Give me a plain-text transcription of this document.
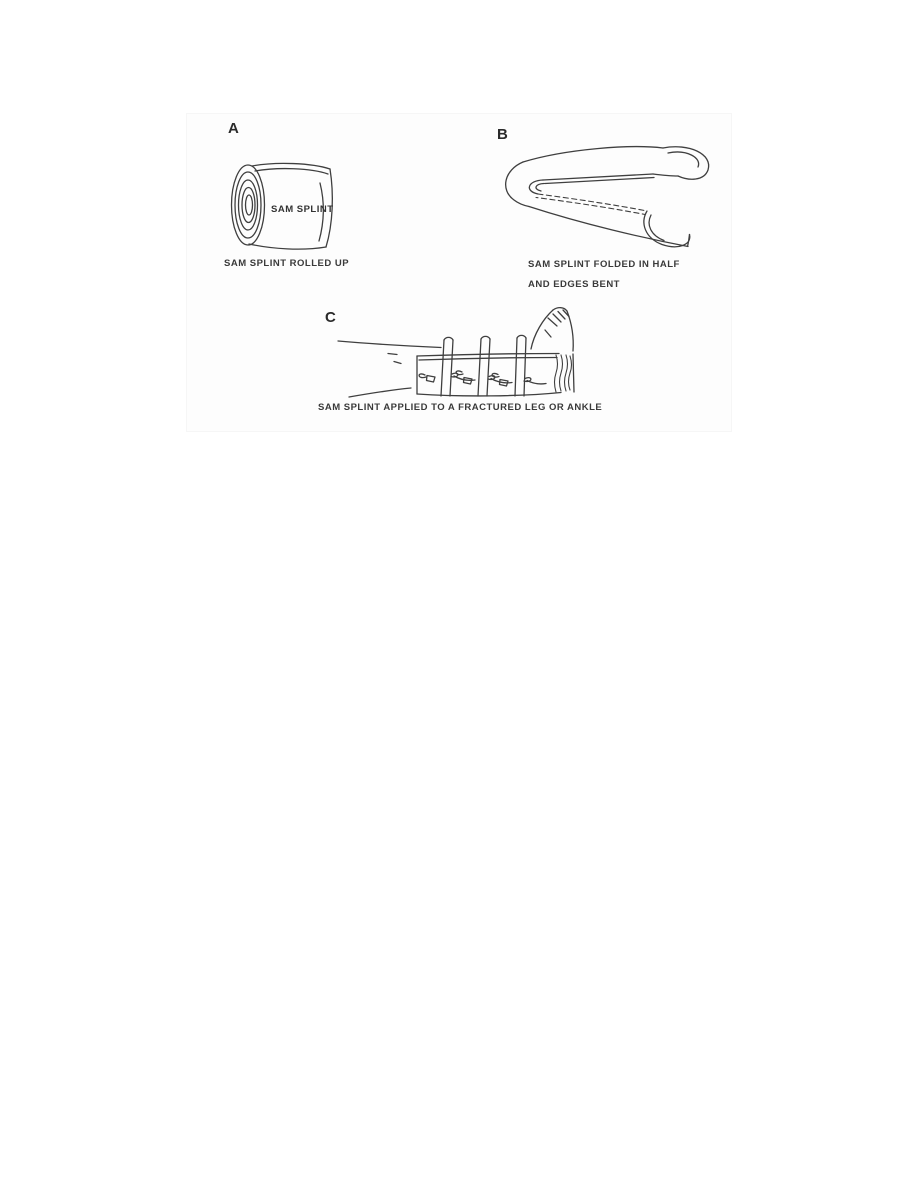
A
SAM SPLINT
SAM SPLINT ROLLED UP
B
SAM SPLINT FOLDED IN HALF
AND EDGES BENT
C
SAM SPLINT APPLIED TO A FRACTURED LEG OR ANKLE
